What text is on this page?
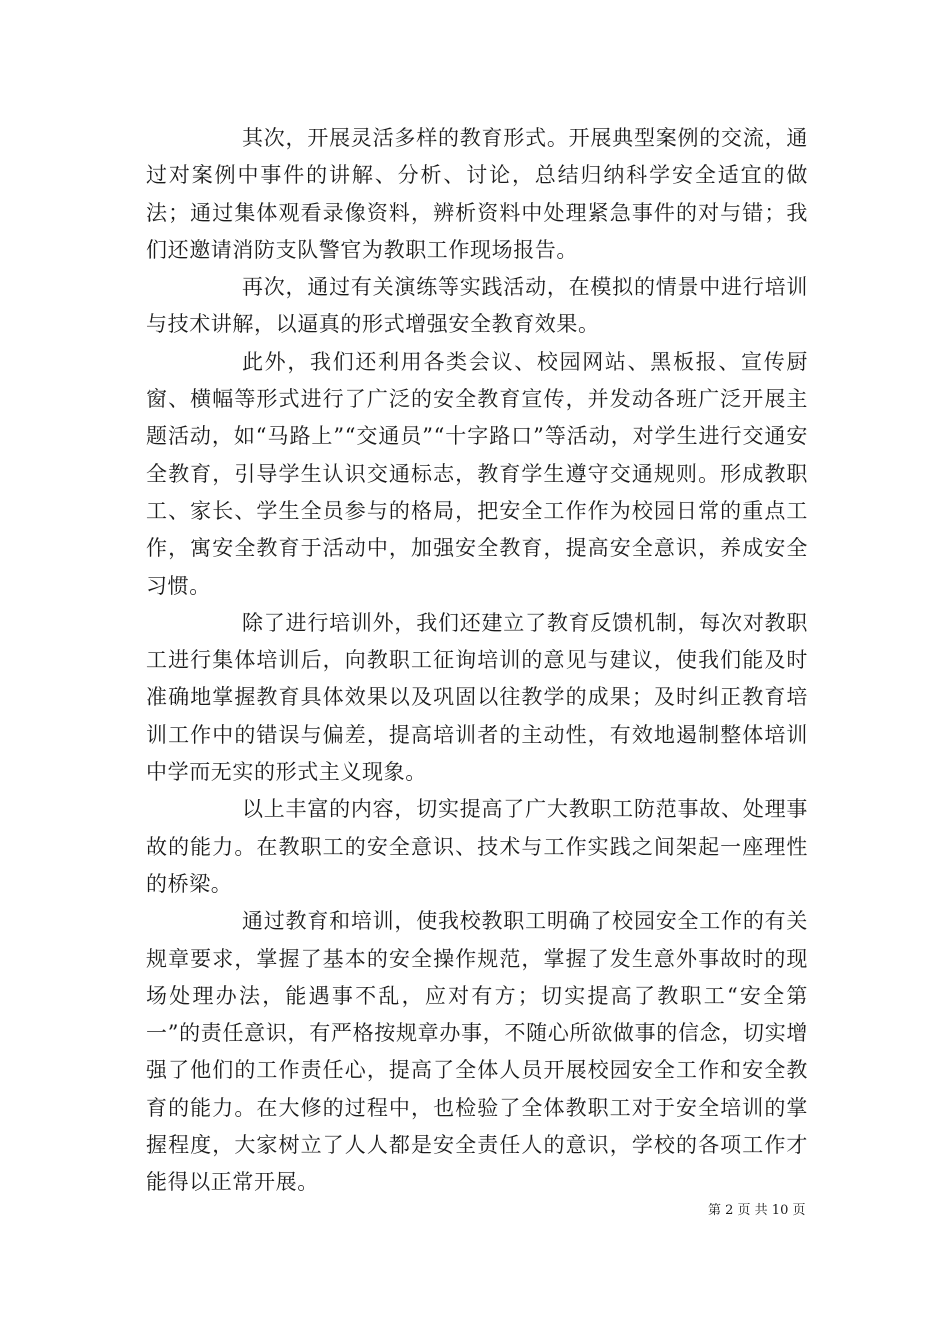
其次，开展灵活多样的教育形式。开展典型案例的交流，通过对案例中事件的讲解、分析、讨论，总结归纳科学安全适宜的做法；通过集体观看录像资料，辨析资料中处理紧急事件的对与错；我们还邀请消防支队警官为教职工作现场报告。

再次，通过有关演练等实践活动，在模拟的情景中进行培训与技术讲解，以逼真的形式增强安全教育效果。

此外，我们还利用各类会议、校园网站、黑板报、宣传厨窗、横幅等形式进行了广泛的安全教育宣传，并发动各班广泛开展主题活动，如“马路上”“交通员”“十字路口”等活动，对学生进行交通安全教育，引导学生认识交通标志，教育学生遵守交通规则。形成教职工、家长、学生全员参与的格局，把安全工作作为校园日常的重点工作，寓安全教育于活动中，加强安全教育，提高安全意识，养成安全习惯。

除了进行培训外，我们还建立了教育反馈机制，每次对教职工进行集体培训后，向教职工征询培训的意见与建议，使我们能及时准确地掌握教育具体效果以及巩固以往教学的成果；及时纠正教育培训工作中的错误与偏差，提高培训者的主动性，有效地遏制整体培训中学而无实的形式主义现象。

以上丰富的内容，切实提高了广大教职工防范事故、处理事故的能力。在教职工的安全意识、技术与工作实践之间架起一座理性的桥梁。

通过教育和培训，使我校教职工明确了校园安全工作的有关规章要求，掌握了基本的安全操作规范，掌握了发生意外事故时的现场处理办法，能遇事不乱，应对有方；切实提高了教职工“安全第一”的责任意识，有严格按规章办事，不随心所欲做事的信念，切实增强了他们的工作责任心，提高了全体人员开展校园安全工作和安全教育的能力。在大修的过程中，也检验了全体教职工对于安全培训的掌握程度，大家树立了人人都是安全责任人的意识，学校的各项工作才能得以正常开展。

第 2 页 共 10 页
